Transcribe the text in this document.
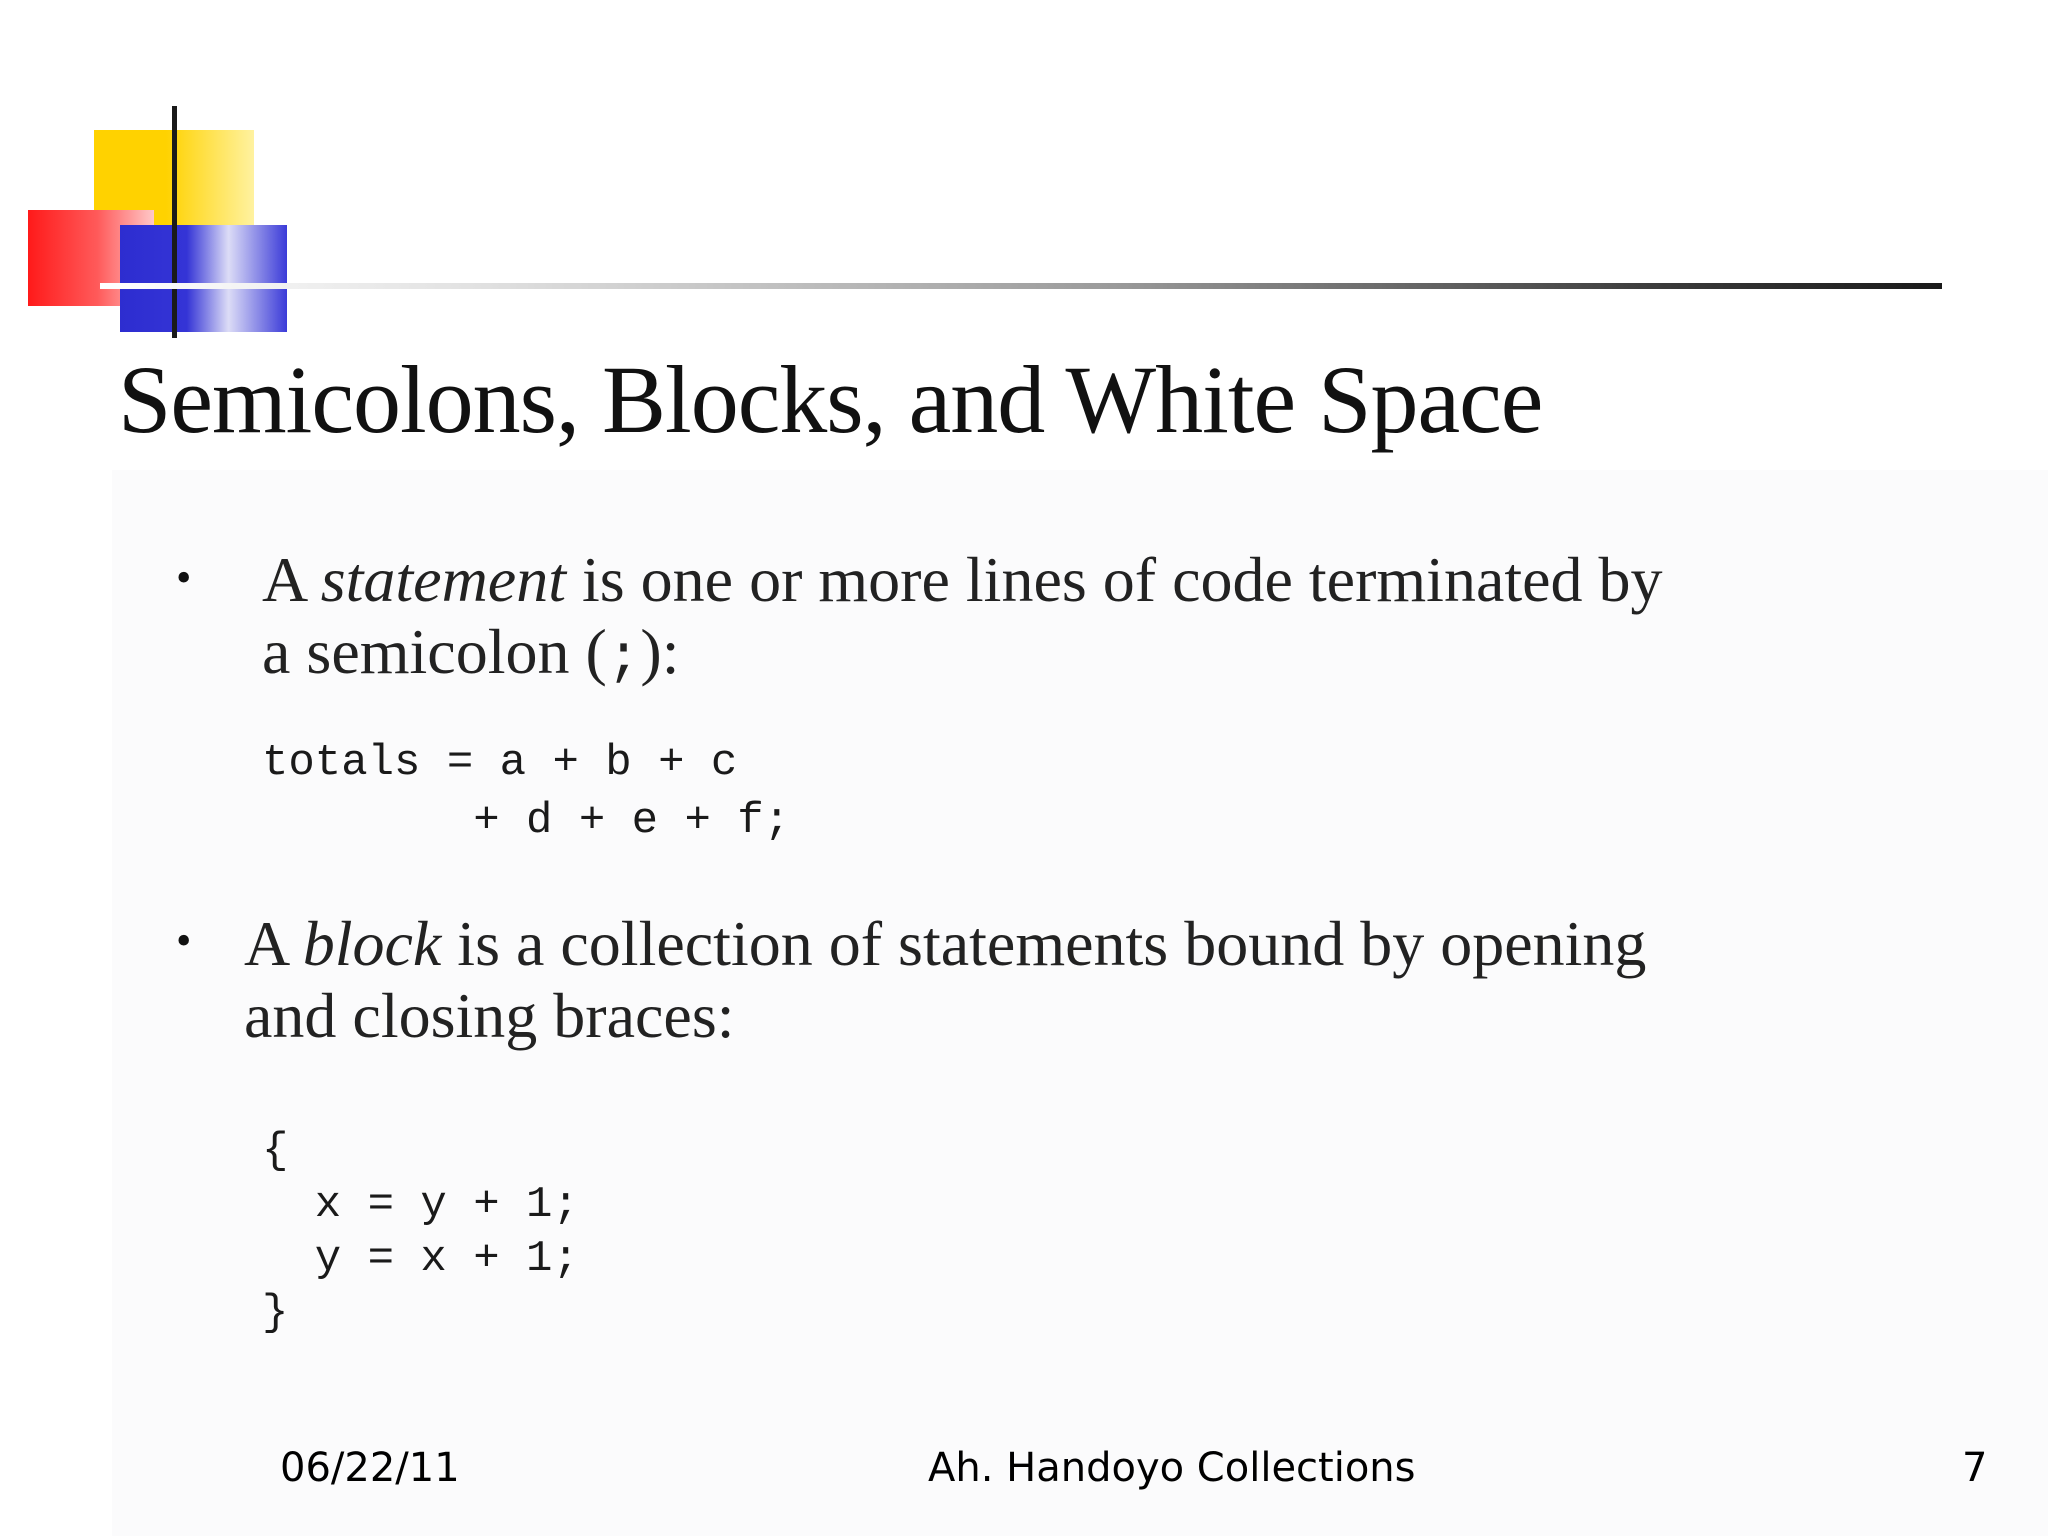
Semicolons, Blocks, and White Space
• A statement is one or more lines of code terminated by
a semicolon (;):
totals = a + b + c
+ d + e + f;
• A block is a collection of statements bound by opening
and closing braces:
{
x = y + 1;
y = x + 1;
}
06/22/11	Ah. Handoyo Collections	7
